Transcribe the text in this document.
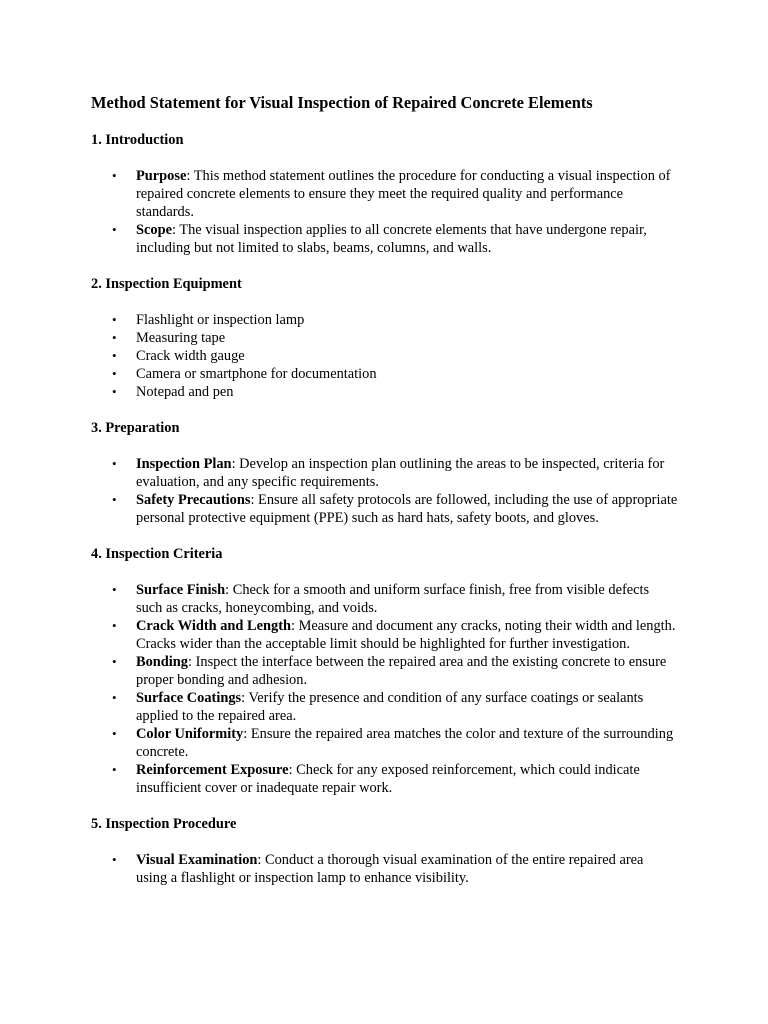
Method Statement for Visual Inspection of Repaired Concrete Elements
1. Introduction
• Purpose: This method statement outlines the procedure for conducting a visual inspection of repaired concrete elements to ensure they meet the required quality and performance standards.
• Scope: The visual inspection applies to all concrete elements that have undergone repair, including but not limited to slabs, beams, columns, and walls.
2. Inspection Equipment
• Flashlight or inspection lamp
• Measuring tape
• Crack width gauge
• Camera or smartphone for documentation
• Notepad and pen
3. Preparation
• Inspection Plan: Develop an inspection plan outlining the areas to be inspected, criteria for evaluation, and any specific requirements.
• Safety Precautions: Ensure all safety protocols are followed, including the use of appropriate personal protective equipment (PPE) such as hard hats, safety boots, and gloves.
4. Inspection Criteria
• Surface Finish: Check for a smooth and uniform surface finish, free from visible defects such as cracks, honeycombing, and voids.
• Crack Width and Length: Measure and document any cracks, noting their width and length. Cracks wider than the acceptable limit should be highlighted for further investigation.
• Bonding: Inspect the interface between the repaired area and the existing concrete to ensure proper bonding and adhesion.
• Surface Coatings: Verify the presence and condition of any surface coatings or sealants applied to the repaired area.
• Color Uniformity: Ensure the repaired area matches the color and texture of the surrounding concrete.
• Reinforcement Exposure: Check for any exposed reinforcement, which could indicate insufficient cover or inadequate repair work.
5. Inspection Procedure
• Visual Examination: Conduct a thorough visual examination of the entire repaired area using a flashlight or inspection lamp to enhance visibility.
